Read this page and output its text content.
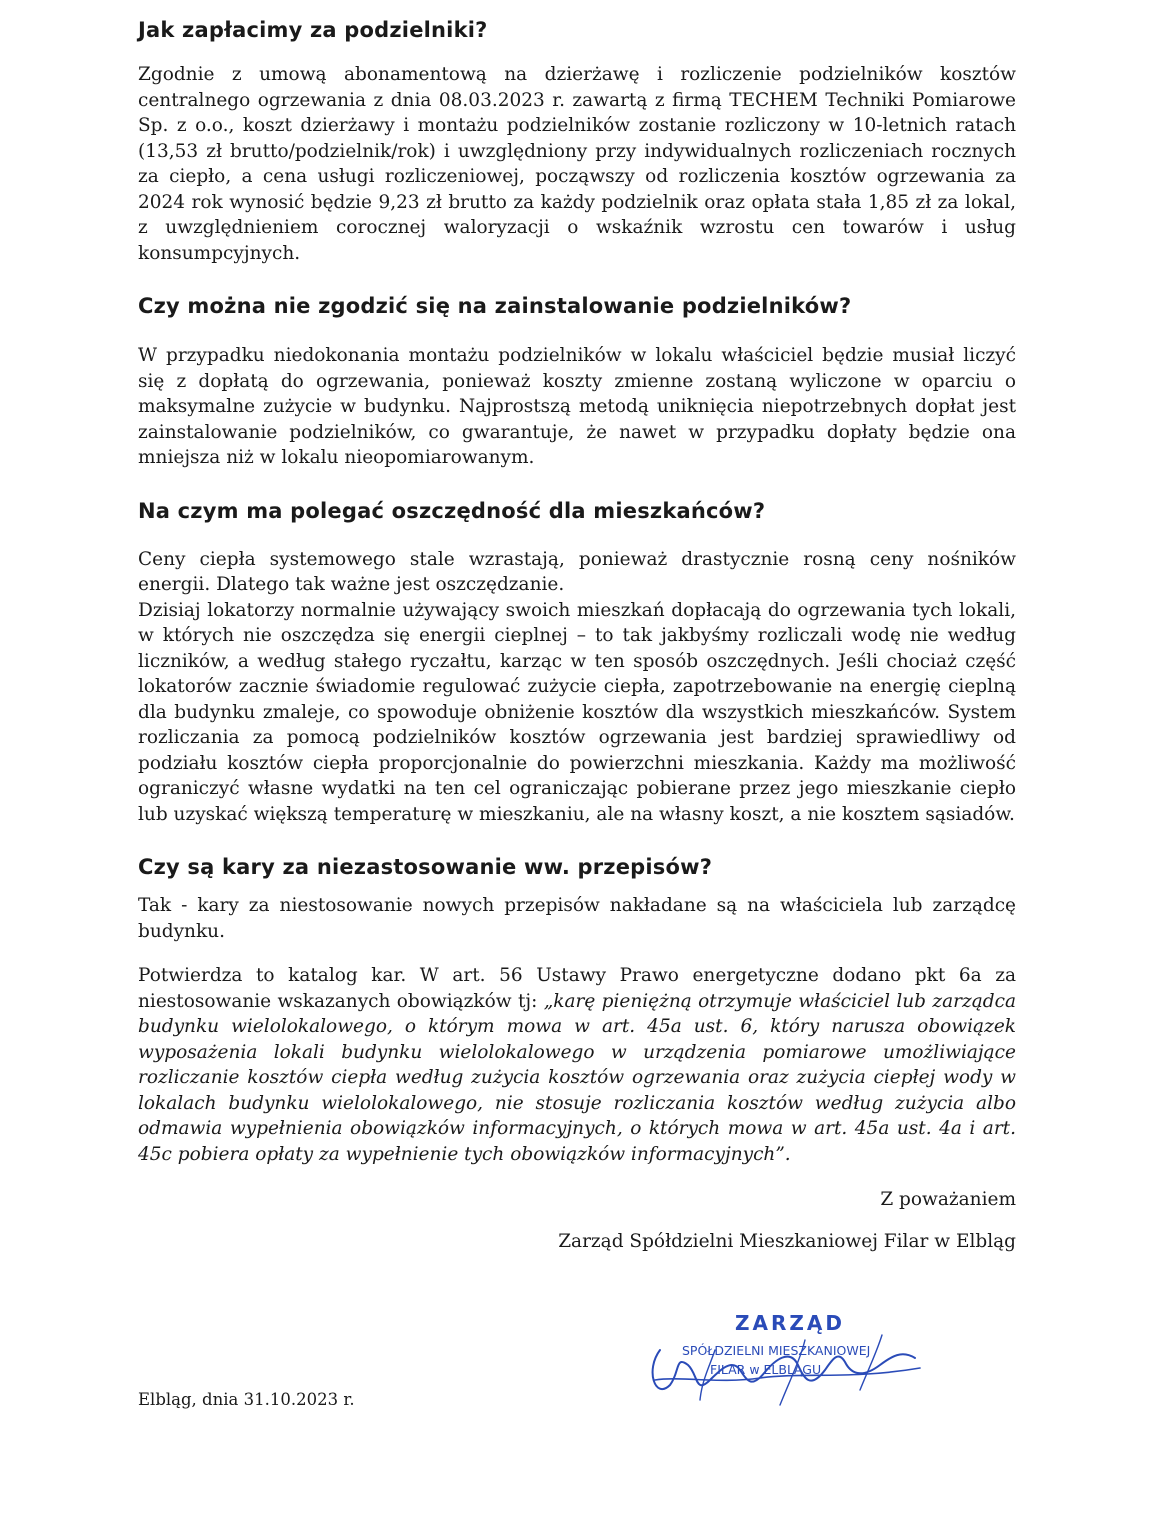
Jak zapłacimy za podzielniki?

Zgodnie z umową abonamentową na dzierżawę i rozliczenie podzielników kosztów centralnego ogrzewania z dnia 08.03.2023 r. zawartą z firmą TECHEM Techniki Pomiarowe Sp. z o.o., koszt dzierżawy i montażu podzielników zostanie rozliczony w 10-letnich ratach (13,53 zł brutto/podzielnik/rok) i uwzględniony przy indywidualnych rozliczeniach rocznych za ciepło, a cena usługi rozliczeniowej, począwszy od rozliczenia kosztów ogrzewania za 2024 rok wynosić będzie 9,23 zł brutto za każdy podzielnik oraz opłata stała 1,85 zł za lokal, z uwzględnieniem corocznej waloryzacji o wskaźnik wzrostu cen towarów i usług konsumpcyjnych.

Czy można nie zgodzić się na zainstalowanie podzielników?

W przypadku niedokonania montażu podzielników w lokalu właściciel będzie musiał liczyć się z dopłatą do ogrzewania, ponieważ koszty zmienne zostaną wyliczone w oparciu o maksymalne zużycie w budynku. Najprostszą metodą uniknięcia niepotrzebnych dopłat jest zainstalowanie podzielników, co gwarantuje, że nawet w przypadku dopłaty będzie ona mniejsza niż w lokalu nieopomiarowanym.

Na czym ma polegać oszczędność dla mieszkańców?

Ceny ciepła systemowego stale wzrastają, ponieważ drastycznie rosną ceny nośników energii. Dlatego tak ważne jest oszczędzanie.

Dzisiaj lokatorzy normalnie używający swoich mieszkań dopłacają do ogrzewania tych lokali, w których nie oszczędza się energii cieplnej – to tak jakbyśmy rozliczali wodę nie według liczników, a według stałego ryczałtu, karząc w ten sposób oszczędnych. Jeśli chociaż część lokatorów zacznie świadomie regulować zużycie ciepła, zapotrzebowanie na energię cieplną dla budynku zmaleje, co spowoduje obniżenie kosztów dla wszystkich mieszkańców. System rozliczania za pomocą podzielników kosztów ogrzewania jest bardziej sprawiedliwy od podziału kosztów ciepła proporcjonalnie do powierzchni mieszkania. Każdy ma możliwość ograniczyć własne wydatki na ten cel ograniczając pobierane przez jego mieszkanie ciepło lub uzyskać większą temperaturę w mieszkaniu, ale na własny koszt, a nie kosztem sąsiadów.

Czy są kary za niezastosowanie ww. przepisów?

Tak - kary za niestosowanie nowych przepisów nakładane są na właściciela lub zarządcę budynku.

Potwierdza to katalog kar. W art. 56 Ustawy Prawo energetyczne dodano pkt 6a za niestosowanie wskazanych obowiązków tj: „karę pieniężną otrzymuje właściciel lub zarządca budynku wielolokalowego, o którym mowa w art. 45a ust. 6, który narusza obowiązek wyposażenia lokali budynku wielolokalowego w urządzenia pomiarowe umożliwiające rozliczanie kosztów ciepła według zużycia kosztów ogrzewania oraz zużycia ciepłej wody w lokalach budynku wielolokalowego, nie stosuje rozliczania kosztów według zużycia albo odmawia wypełnienia obowiązków informacyjnych, o których mowa w art. 45a ust. 4a i art. 45c pobiera opłaty za wypełnienie tych obowiązków informacyjnych”.

Z poważaniem

Zarząd Spółdzielni Mieszkaniowej Filar w Elbląg

ZARZĄD
SPÓŁDZIELNI MIESZKANIOWEJ
FILAR w ELBLĄGU
Elbląg, dnia 31.10.2023 r.
